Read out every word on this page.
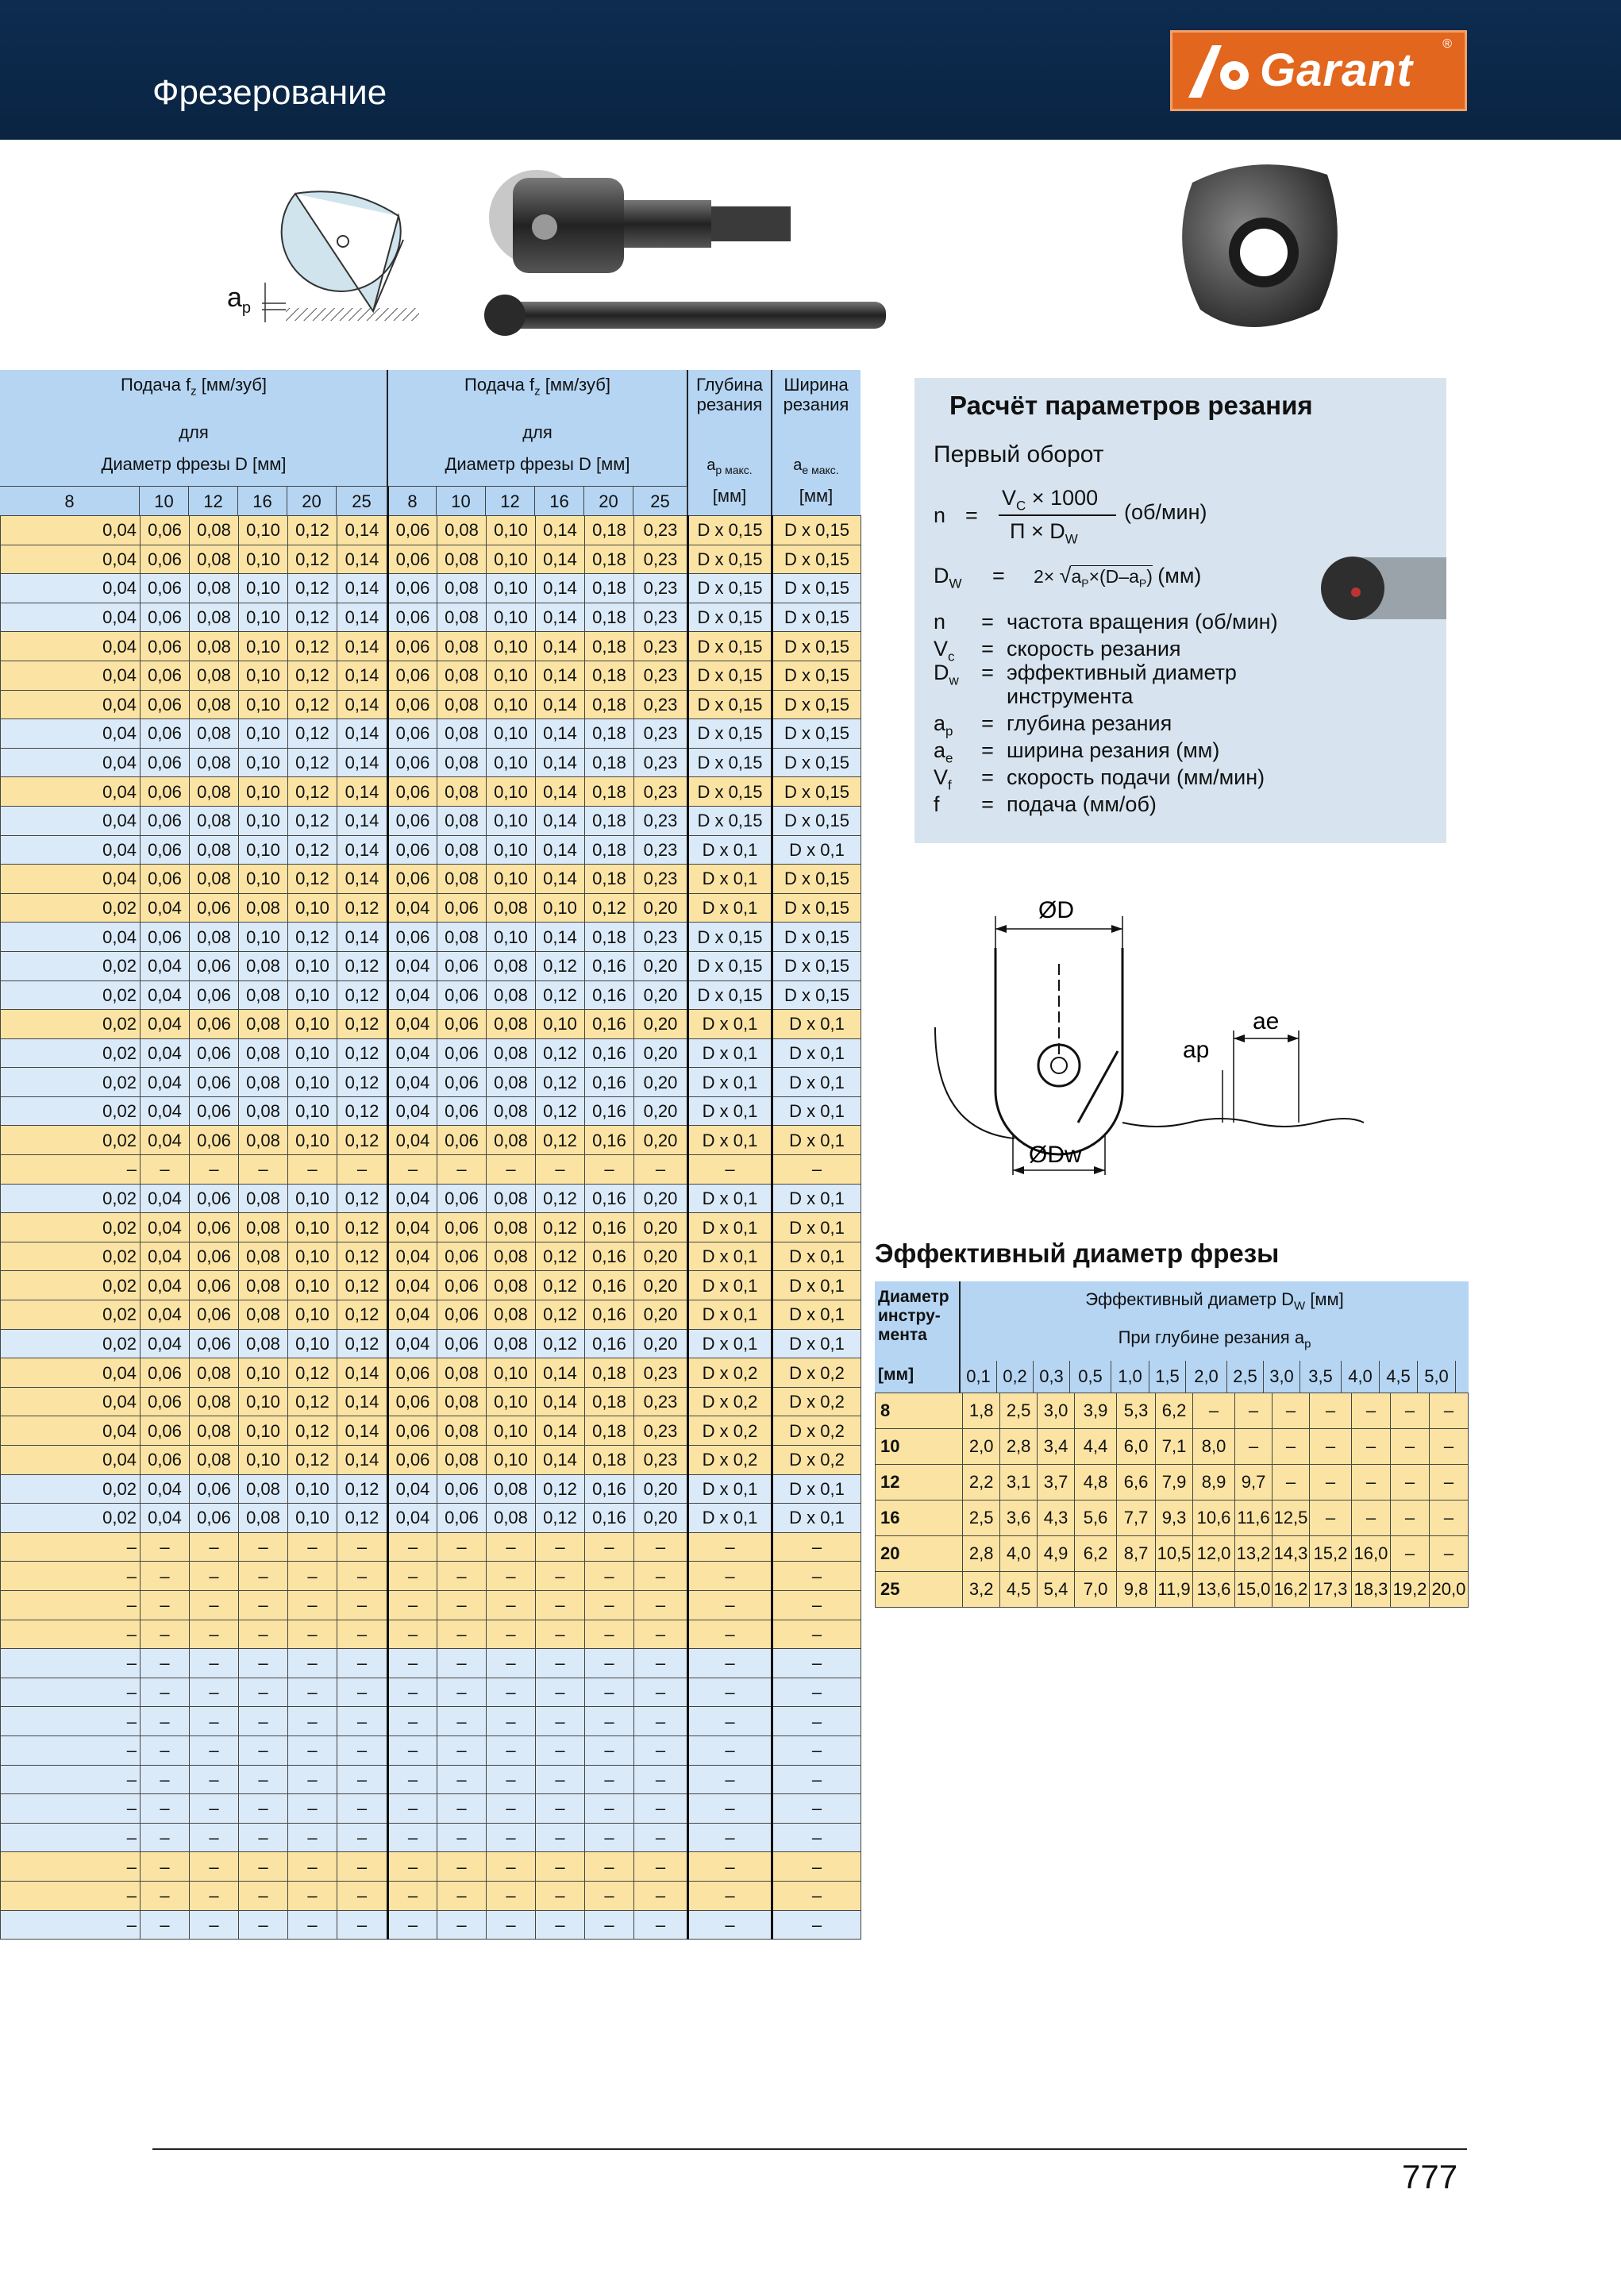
Фрезерование	Garant
®
$a_p$
Подача $f_z$ [мм/зуб]
для
Диаметр фрезы D [мм]
Подача $f_z$ [мм/зуб]
для
Диаметр фрезы D [мм]
Глубина
резания
$a_{p макс.}$
[мм]
Ширина
резания
$a_{e макс.}$
[мм]
8	10	12	16	20	25	8	10	12	16	20	25
0,04	0,06	0,08	0,10	0,12	0,14	0,06	0,08	0,10	0,14	0,18	0,23	D x 0,15	D x 0,15
0,04	0,06	0,08	0,10	0,12	0,14	0,06	0,08	0,10	0,14	0,18	0,23	D x 0,15	D x 0,15
0,04	0,06	0,08	0,10	0,12	0,14	0,06	0,08	0,10	0,14	0,18	0,23	D x 0,15	D x 0,15
0,04	0,06	0,08	0,10	0,12	0,14	0,06	0,08	0,10	0,14	0,18	0,23	D x 0,15	D x 0,15
0,04	0,06	0,08	0,10	0,12	0,14	0,06	0,08	0,10	0,14	0,18	0,23	D x 0,15	D x 0,15
0,04	0,06	0,08	0,10	0,12	0,14	0,06	0,08	0,10	0,14	0,18	0,23	D x 0,15	D x 0,15
0,04	0,06	0,08	0,10	0,12	0,14	0,06	0,08	0,10	0,14	0,18	0,23	D x 0,15	D x 0,15
0,04	0,06	0,08	0,10	0,12	0,14	0,06	0,08	0,10	0,14	0,18	0,23	D x 0,15	D x 0,15
0,04	0,06	0,08	0,10	0,12	0,14	0,06	0,08	0,10	0,14	0,18	0,23	D x 0,15	D x 0,15
0,04	0,06	0,08	0,10	0,12	0,14	0,06	0,08	0,10	0,14	0,18	0,23	D x 0,15	D x 0,15
0,04	0,06	0,08	0,10	0,12	0,14	0,06	0,08	0,10	0,14	0,18	0,23	D x 0,15	D x 0,15
0,04	0,06	0,08	0,10	0,12	0,14	0,06	0,08	0,10	0,14	0,18	0,23	D x 0,1	D x 0,1
0,04	0,06	0,08	0,10	0,12	0,14	0,06	0,08	0,10	0,14	0,18	0,23	D x 0,1	D x 0,15
0,02	0,04	0,06	0,08	0,10	0,12	0,04	0,06	0,08	0,10	0,12	0,20	D x 0,1	D x 0,15
0,04	0,06	0,08	0,10	0,12	0,14	0,06	0,08	0,10	0,14	0,18	0,23	D x 0,15	D x 0,15
0,02	0,04	0,06	0,08	0,10	0,12	0,04	0,06	0,08	0,12	0,16	0,20	D x 0,15	D x 0,15
0,02	0,04	0,06	0,08	0,10	0,12	0,04	0,06	0,08	0,12	0,16	0,20	D x 0,15	D x 0,15
0,02	0,04	0,06	0,08	0,10	0,12	0,04	0,06	0,08	0,10	0,16	0,20	D x 0,1	D x 0,1
0,02	0,04	0,06	0,08	0,10	0,12	0,04	0,06	0,08	0,12	0,16	0,20	D x 0,1	D x 0,1
0,02	0,04	0,06	0,08	0,10	0,12	0,04	0,06	0,08	0,12	0,16	0,20	D x 0,1	D x 0,1
0,02	0,04	0,06	0,08	0,10	0,12	0,04	0,06	0,08	0,12	0,16	0,20	D x 0,1	D x 0,1
0,02	0,04	0,06	0,08	0,10	0,12	0,04	0,06	0,08	0,12	0,16	0,20	D x 0,1	D x 0,1
–	–	–	–	–	–	–	–	–	–	–	–	–	–
0,02	0,04	0,06	0,08	0,10	0,12	0,04	0,06	0,08	0,12	0,16	0,20	D x 0,1	D x 0,1
0,02	0,04	0,06	0,08	0,10	0,12	0,04	0,06	0,08	0,12	0,16	0,20	D x 0,1	D x 0,1
0,02	0,04	0,06	0,08	0,10	0,12	0,04	0,06	0,08	0,12	0,16	0,20	D x 0,1	D x 0,1
0,02	0,04	0,06	0,08	0,10	0,12	0,04	0,06	0,08	0,12	0,16	0,20	D x 0,1	D x 0,1
0,02	0,04	0,06	0,08	0,10	0,12	0,04	0,06	0,08	0,12	0,16	0,20	D x 0,1	D x 0,1
0,02	0,04	0,06	0,08	0,10	0,12	0,04	0,06	0,08	0,12	0,16	0,20	D x 0,1	D x 0,1
0,04	0,06	0,08	0,10	0,12	0,14	0,06	0,08	0,10	0,14	0,18	0,23	D x 0,2	D x 0,2
0,04	0,06	0,08	0,10	0,12	0,14	0,06	0,08	0,10	0,14	0,18	0,23	D x 0,2	D x 0,2
0,04	0,06	0,08	0,10	0,12	0,14	0,06	0,08	0,10	0,14	0,18	0,23	D x 0,2	D x 0,2
0,04	0,06	0,08	0,10	0,12	0,14	0,06	0,08	0,10	0,14	0,18	0,23	D x 0,2	D x 0,2
0,02	0,04	0,06	0,08	0,10	0,12	0,04	0,06	0,08	0,12	0,16	0,20	D x 0,1	D x 0,1
0,02	0,04	0,06	0,08	0,10	0,12	0,04	0,06	0,08	0,12	0,16	0,20	D x 0,1	D x 0,1
–	–	–	–	–	–	–	–	–	–	–	–	–	–
–	–	–	–	–	–	–	–	–	–	–	–	–	–
–	–	–	–	–	–	–	–	–	–	–	–	–	–
–	–	–	–	–	–	–	–	–	–	–	–	–	–
–	–	–	–	–	–	–	–	–	–	–	–	–	–
–	–	–	–	–	–	–	–	–	–	–	–	–	–
–	–	–	–	–	–	–	–	–	–	–	–	–	–
–	–	–	–	–	–	–	–	–	–	–	–	–	–
–	–	–	–	–	–	–	–	–	–	–	–	–	–
–	–	–	–	–	–	–	–	–	–	–	–	–	–
–	–	–	–	–	–	–	–	–	–	–	–	–	–
–	–	–	–	–	–	–	–	–	–	–	–	–	–
–	–	–	–	–	–	–	–	–	–	–	–	–	–
–	–	–	–	–	–	–	–	–	–	–	–	–	–
Расчёт параметров резания
Первый оборот
n =
$V_C \times 1000$
$\Pi \times D_W$
(об/мин)
$D_W = 2\times √a_P\times(D-a_P)$ (мм)
n = частота вращения (об/мин)
$V_c$ = скорость резания
$D_w$ = эффективный диаметр
инструмента
$a_p$ = глубина резания
$a_e$ = ширина резания (мм)
$V_f$ = скорость подачи (мм/мин)
f = подача (мм/об)
ØD
ae
ap
ØDw
Эффективный диаметр фрезы
Диаметр
инстру-
мента
[мм]
Эффективный диаметр $D_W$ [мм]
При глубине резания $a_p$
0,1 0,2 0,3 0,5 1,0 1,5 2,0 2,5 3,0 3,5 4,0 4,5 5,0
8	1,8	2,5	3,0	3,9	5,3	6,2	–	–	–	–	–	–	–
10	2,0	2,8	3,4	4,4	6,0	7,1	8,0	–	–	–	–	–	–
12	2,2	3,1	3,7	4,8	6,6	7,9	8,9	9,7	–	–	–	–	–
16	2,5	3,6	4,3	5,6	7,7	9,3	10,6	11,6	12,5	–	–	–	–
20	2,8	4,0	4,9	6,2	8,7	10,5	12,0	13,2	14,3	15,2	16,0	–	–
25	3,2	4,5	5,4	7,0	9,8	11,9	13,6	15,0	16,2	17,3	18,3	19,2	20,0
777
